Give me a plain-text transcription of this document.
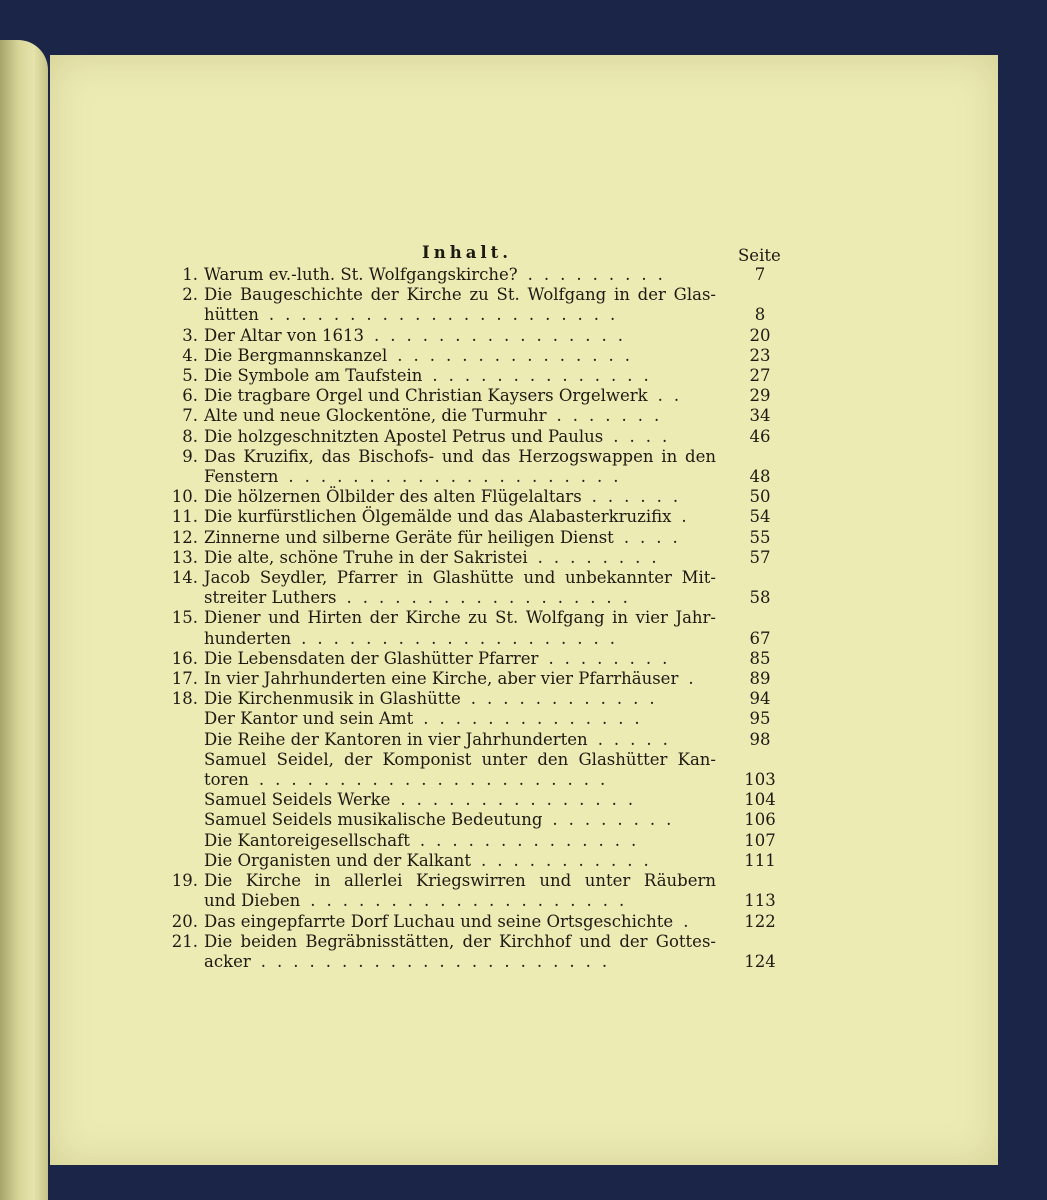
Inhalt.	Seite
1. Warum ev.-luth. St. Wolfgangskirche? .........	7
2. Die Baugeschichte der Kirche zu St. Wolfgang in der Glas-
hütten ......................	8
3. Der Altar von 1613 ................	20
4. Die Bergmannskanzel ...............	23
5. Die Symbole am Taufstein ..............	27
6. Die tragbare Orgel und Christian Kaysers Orgelwerk ..	29
7. Alte und neue Glockentöne, die Turmuhr .......	34
8. Die holzgeschnitzten Apostel Petrus und Paulus ....	46
9. Das Kruzifix, das Bischofs- und das Herzogswappen in den
Fenstern .....................	48
10. Die hölzernen Ölbilder des alten Flügelaltars ......	50
11. Die kurfürstlichen Ölgemälde und das Alabasterkruzifix .	54
12. Zinnerne und silberne Geräte für heiligen Dienst ....	55
13. Die alte, schöne Truhe in der Sakristei ........	57
14. Jacob Seydler, Pfarrer in Glashütte und unbekannter Mit-
streiter Luthers ..................	58
15. Diener und Hirten der Kirche zu St. Wolfgang in vier Jahr-
hunderten ....................	67
16. Die Lebensdaten der Glashütter Pfarrer ........	85
17. In vier Jahrhunderten eine Kirche, aber vier Pfarrhäuser .	89
18. Die Kirchenmusik in Glashütte ............	94
Der Kantor und sein Amt ..............	95
Die Reihe der Kantoren in vier Jahrhunderten .....	98
Samuel Seidel, der Komponist unter den Glashütter Kan-
toren ......................	103
Samuel Seidels Werke ...............	104
Samuel Seidels musikalische Bedeutung ........	106
Die Kantoreigesellschaft ..............	107
Die Organisten und der Kalkant ...........	111
19. Die Kirche in allerlei Kriegswirren und unter Räubern
und Dieben ....................	113
20. Das eingepfarrte Dorf Luchau und seine Ortsgeschichte .	122
21. Die beiden Begräbnisstätten, der Kirchhof und der Gottes-
acker ......................	124
